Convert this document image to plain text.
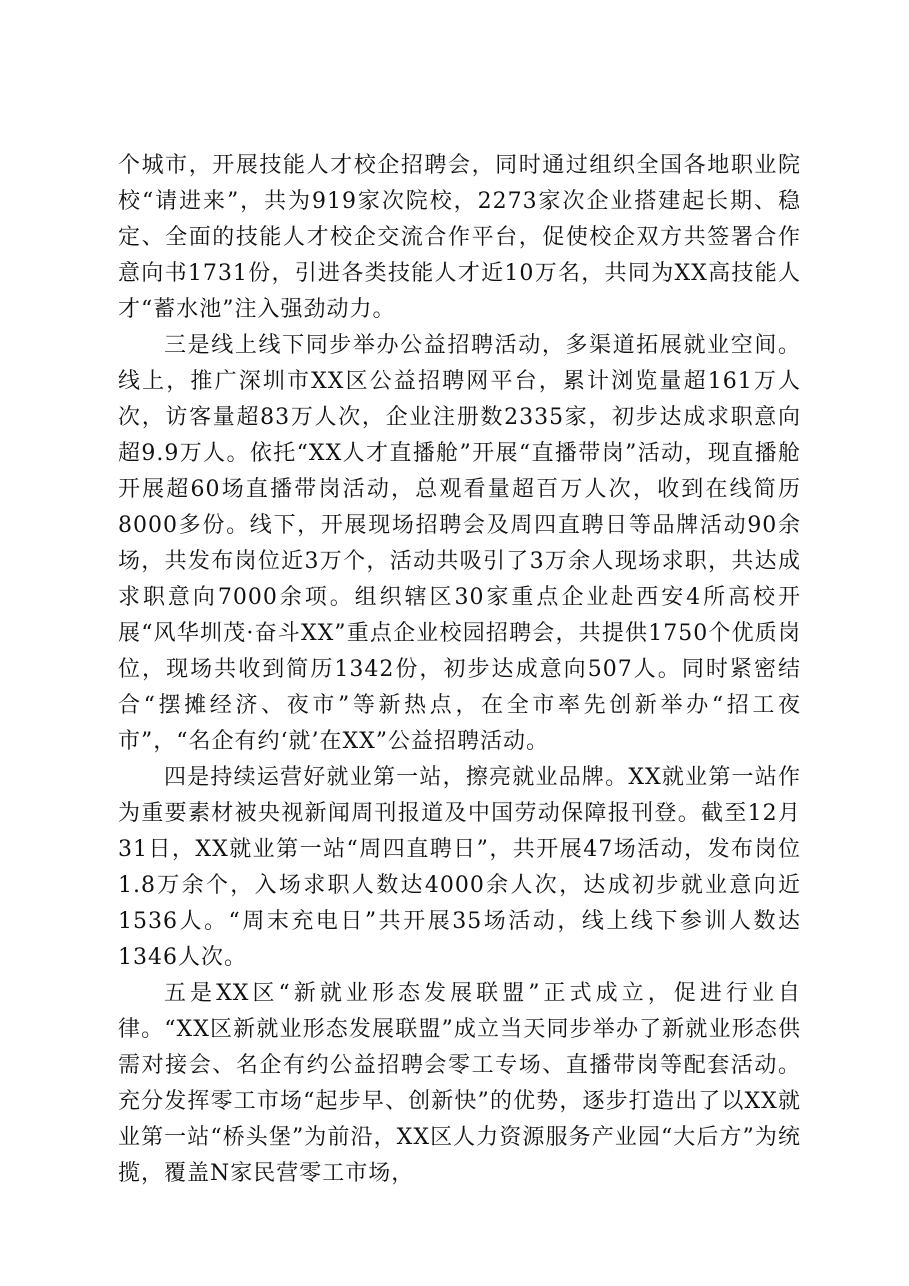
个城市，开展技能人才校企招聘会，同时通过组织全国各地职业院校“请进来”，共为919家次院校，2273家次企业搭建起长期、稳定、全面的技能人才校企交流合作平台，促使校企双方共签署合作意向书1731份，引进各类技能人才近10万名，共同为XX高技能人才“蓄水池”注入强劲动力。

三是线上线下同步举办公益招聘活动，多渠道拓展就业空间。线上，推广深圳市XX区公益招聘网平台，累计浏览量超161万人次，访客量超83万人次，企业注册数2335家，初步达成求职意向超9.9万人。依托“XX人才直播舱”开展“直播带岗”活动，现直播舱开展超60场直播带岗活动，总观看量超百万人次，收到在线简历8000多份。线下，开展现场招聘会及周四直聘日等品牌活动90余场，共发布岗位近3万个，活动共吸引了3万余人现场求职，共达成求职意向7000余项。组织辖区30家重点企业赴西安4所高校开展“风华圳茂·奋斗XX”重点企业校园招聘会，共提供1750个优质岗位，现场共收到简历1342份，初步达成意向507人。同时紧密结合“摆摊经济、夜市”等新热点，在全市率先创新举办“招工夜市”，“名企有约‘就’在XX”公益招聘活动。

四是持续运营好就业第一站，擦亮就业品牌。XX就业第一站作为重要素材被央视新闻周刊报道及中国劳动保障报刊登。截至12月31日，XX就业第一站“周四直聘日”，共开展47场活动，发布岗位1.8万余个，入场求职人数达4000余人次，达成初步就业意向近1536人。“周末充电日”共开展35场活动，线上线下参训人数达1346人次。

五是XX区“新就业形态发展联盟”正式成立，促进行业自律。“XX区新就业形态发展联盟”成立当天同步举办了新就业形态供需对接会、名企有约公益招聘会零工专场、直播带岗等配套活动。充分发挥零工市场“起步早、创新快”的优势，逐步打造出了以XX就业第一站“桥头堡”为前沿，XX区人力资源服务产业园“大后方”为统揽，覆盖N家民营零工市场，
